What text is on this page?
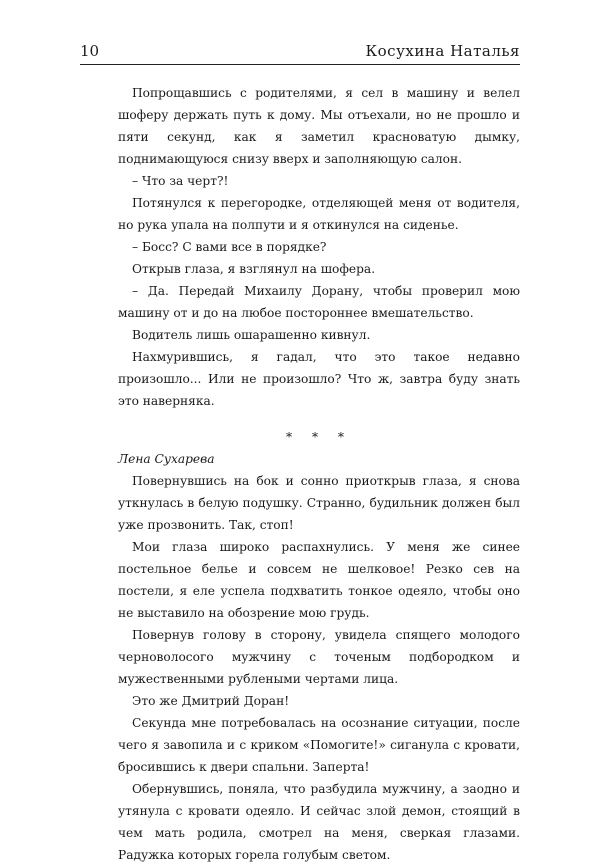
10	Косухина Наталья

Попрощавшись с родителями, я сел в машину и велел шоферу держать путь к дому. Мы отъехали, но не прошло и пяти секунд, как я заметил красноватую дымку, поднимающуюся снизу вверх и заполняющую салон.

– Что за черт?!

Потянулся к перегородке, отделяющей меня от водителя, но рука упала на полпути и я откинулся на сиденье.

– Босс? С вами все в порядке?

Открыв глаза, я взглянул на шофера.

– Да. Передай Михаилу Дорану, чтобы проверил мою машину от и до на любое постороннее вмешательство.

Водитель лишь ошарашенно кивнул.

Нахмурившись, я гадал, что это такое недавно произошло... Или не произошло? Что ж, завтра буду знать это наверняка.

* * *

Лена Сухарева

Повернувшись на бок и сонно приоткрыв глаза, я снова уткнулась в белую подушку. Странно, будильник должен был уже прозвонить. Так, стоп!

Мои глаза широко распахнулись. У меня же синее постельное белье и совсем не шелковое! Резко сев на постели, я еле успела подхватить тонкое одеяло, чтобы оно не выставило на обозрение мою грудь.

Повернув голову в сторону, увидела спящего молодого черноволосого мужчину с точеным подбородком и мужественными рублеными чертами лица.

Это же Дмитрий Доран!

Секунда мне потребовалась на осознание ситуации, после чего я завопила и с криком «Помогите!» сиганула с кровати, бросившись к двери спальни. Заперта!

Обернувшись, поняла, что разбудила мужчину, а заодно и утянула с кровати одеяло. И сейчас злой демон, стоящий в чем мать родила, смотрел на меня, сверкая глазами. Радужка которых горела голубым светом.
